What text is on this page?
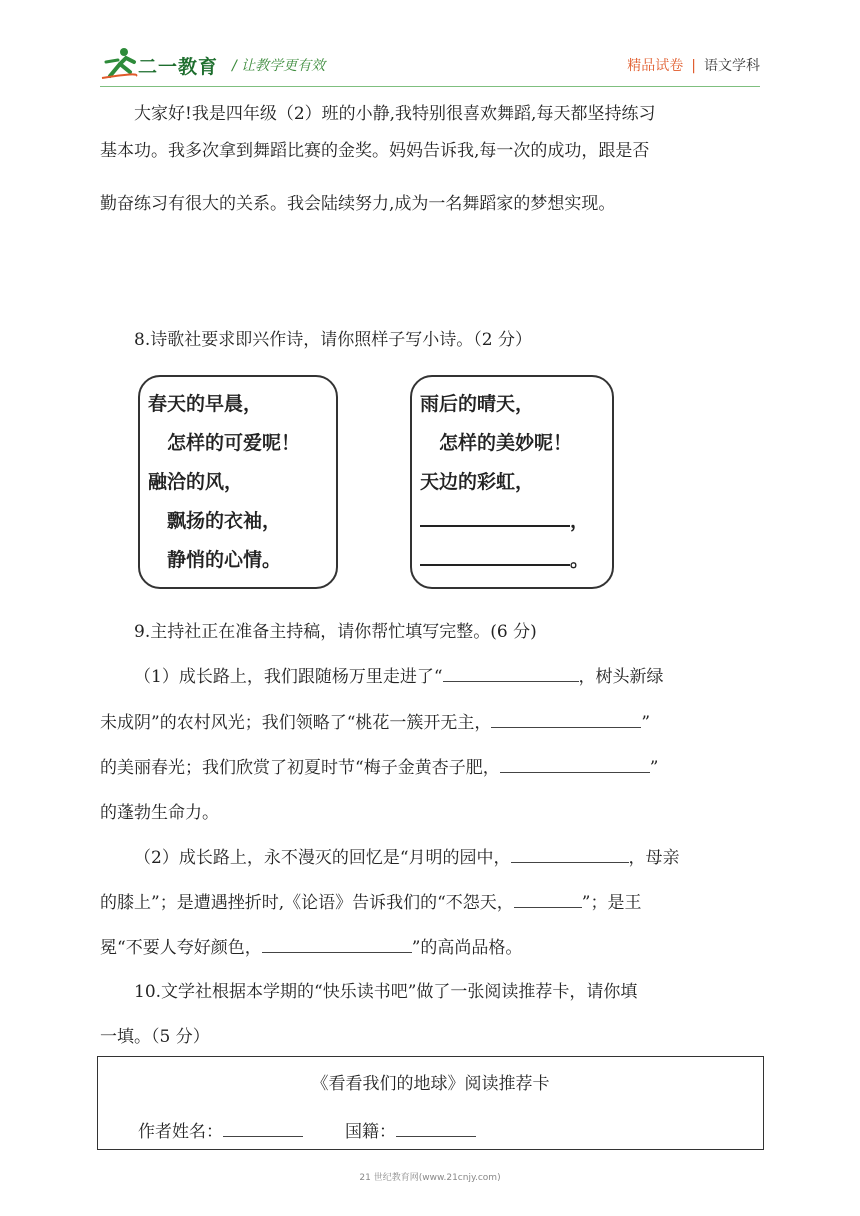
二一教育 / 让教学更有效	精品试卷 | 语文学科
大家好!我是四年级（2）班的小静,我特别很喜欢舞蹈,每天都坚持练习
基本功。我多次拿到舞蹈比赛的金奖。妈妈告诉我,每一次的成功，跟是否
勤奋练习有很大的关系。我会陆续努力,成为一名舞蹈家的梦想实现。
8.诗歌社要求即兴作诗，请你照样子写小诗。（2 分）
春天的早晨，
　怎样的可爱呢！
融洽的风，
　飘扬的衣袖，
　静悄的心情。
雨后的晴天，
　怎样的美妙呢！
天边的彩虹，
，
。
9.主持社正在准备主持稿，请你帮忙填写完整。(6 分)
（1）成长路上，我们跟随杨万里走进了“	，树头新绿
未成阴”的农村风光；我们领略了“桃花一簇开无主，	”
的美丽春光；我们欣赏了初夏时节“梅子金黄杏子肥，	”
的蓬勃生命力。
（2）成长路上，永不漫灭的回忆是“月明的园中，	，母亲
的膝上”；是遭遇挫折时,《论语》告诉我们的“不怨天，	”；是王
冕“不要人夸好颜色，	”的高尚品格。
10.文学社根据本学期的“快乐读书吧”做了一张阅读推荐卡，请你填
一填。（5 分）
《看看我们的地球》阅读推荐卡
作者姓名：	国籍：
21 世纪教育网(www.21cnjy.com)
